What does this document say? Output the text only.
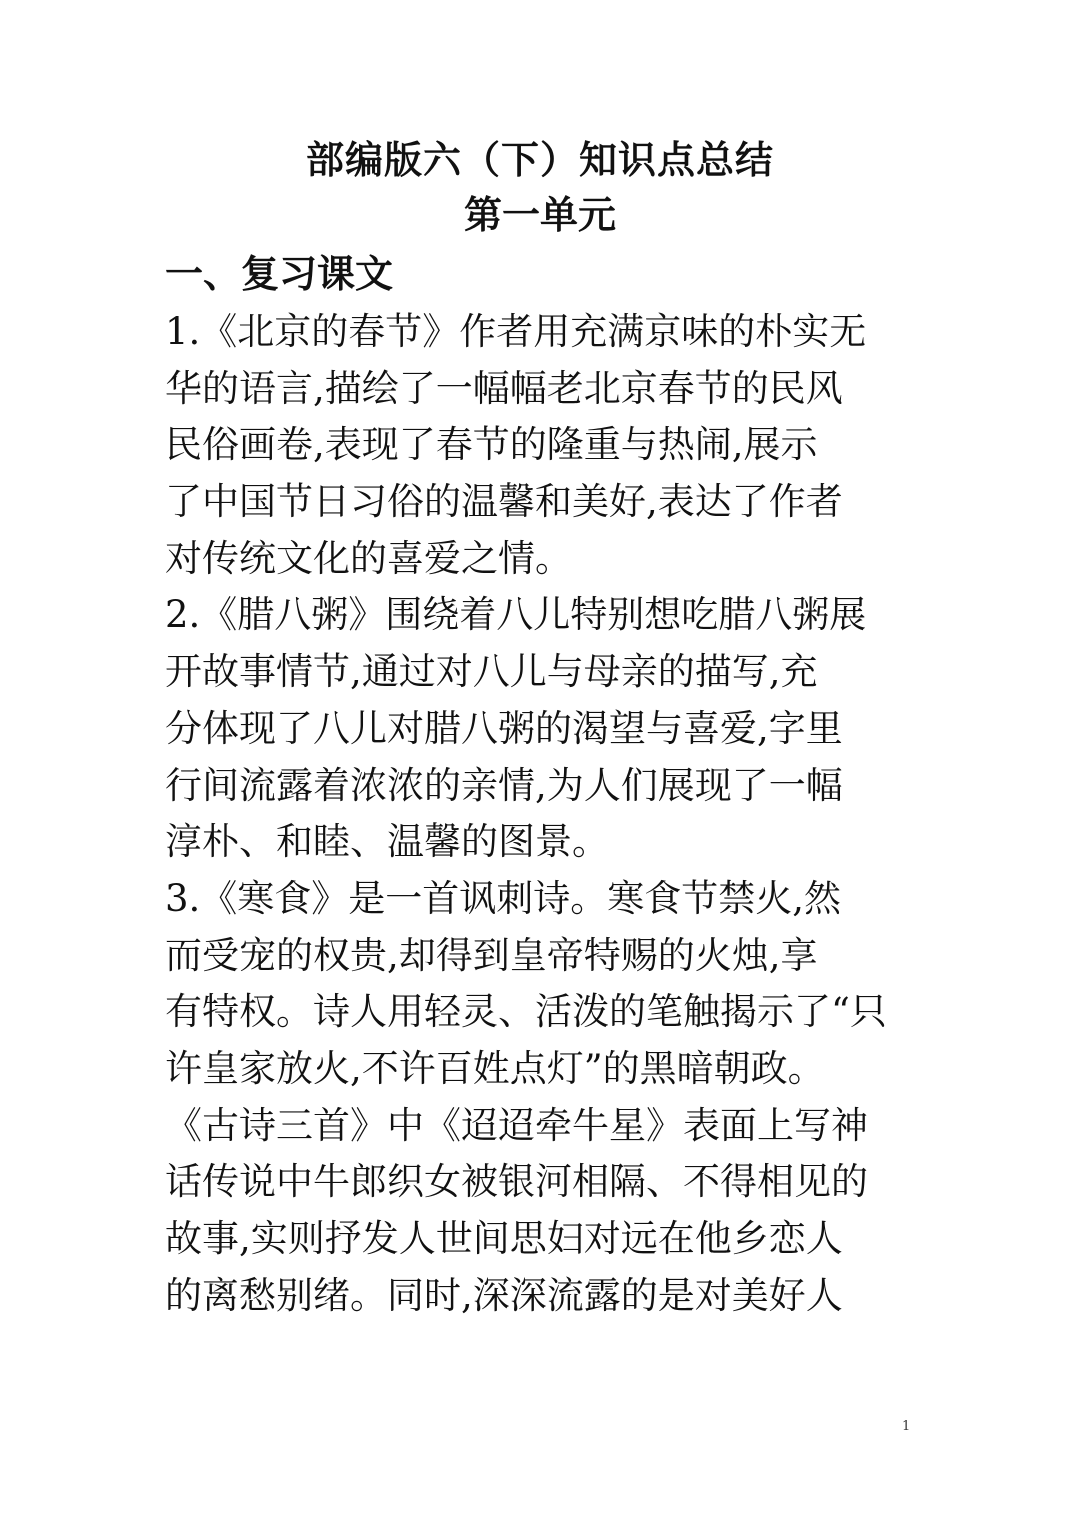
部编版六（下）知识点总结
第一单元
一、复习课文
1.《北京的春节》作者用充满京味的朴实无
华的语言,描绘了一幅幅老北京春节的民风
民俗画卷,表现了春节的隆重与热闹,展示
了中国节日习俗的温馨和美好,表达了作者
对传统文化的喜爱之情。
2.《腊八粥》围绕着八儿特别想吃腊八粥展
开故事情节,通过对八儿与母亲的描写,充
分体现了八儿对腊八粥的渴望与喜爱,字里
行间流露着浓浓的亲情,为人们展现了一幅
淳朴、和睦、温馨的图景。
3.《寒食》是一首讽刺诗。寒食节禁火,然
而受宠的权贵,却得到皇帝特赐的火烛,享
有特权。诗人用轻灵、活泼的笔触揭示了“只
许皇家放火,不许百姓点灯”的黑暗朝政。
《古诗三首》中《迢迢牵牛星》表面上写神
话传说中牛郎织女被银河相隔、不得相见的
故事,实则抒发人世间思妇对远在他乡恋人
的离愁别绪。同时,深深流露的是对美好人
1
